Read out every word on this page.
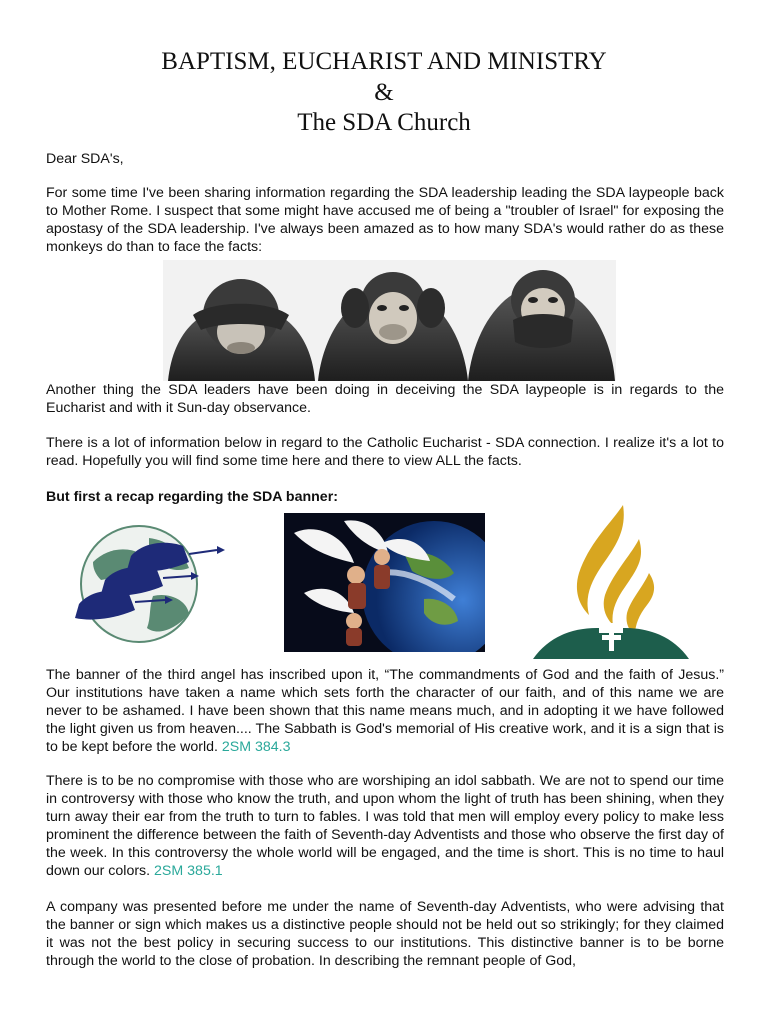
BAPTISM, EUCHARIST AND MINISTRY
&
The SDA Church
Dear SDA's,
For some time I've been sharing information regarding the SDA leadership leading the SDA laypeople back to Mother Rome. I suspect that some might have accused me of being a "troubler of Israel" for exposing the apostasy of the SDA leadership. I've always been amazed as to how many SDA's would rather do as these monkeys do than to face the facts:
Another thing the SDA leaders have been doing in deceiving the SDA laypeople is in regards to the Eucharist and with it Sun-day observance.
There is a lot of information below in regard to the Catholic Eucharist - SDA connection. I realize it's a lot to read. Hopefully you will find some time here and there to view ALL the facts.
But first a recap regarding the SDA banner:
The banner of the third angel has inscribed upon it, “The commandments of God and the faith of Jesus.” Our institutions have taken a name which sets forth the character of our faith, and of this name we are never to be ashamed. I have been shown that this name means much, and in adopting it we have followed the light given us from heaven.... The Sabbath is God's memorial of His creative work, and it is a sign that is to be kept before the world. 2SM 384.3
There is to be no compromise with those who are worshiping an idol sabbath. We are not to spend our time in controversy with those who know the truth, and upon whom the light of truth has been shining, when they turn away their ear from the truth to turn to fables. I was told that men will employ every policy to make less prominent the difference between the faith of Seventh-day Adventists and those who observe the first day of the week. In this controversy the whole world will be engaged, and the time is short. This is no time to haul down our colors. 2SM 385.1
A company was presented before me under the name of Seventh-day Adventists, who were advising that the banner or sign which makes us a distinctive people should not be held out so strikingly; for they claimed it was not the best policy in securing success to our institutions. This distinctive banner is to be borne through the world to the close of probation. In describing the remnant people of God,
